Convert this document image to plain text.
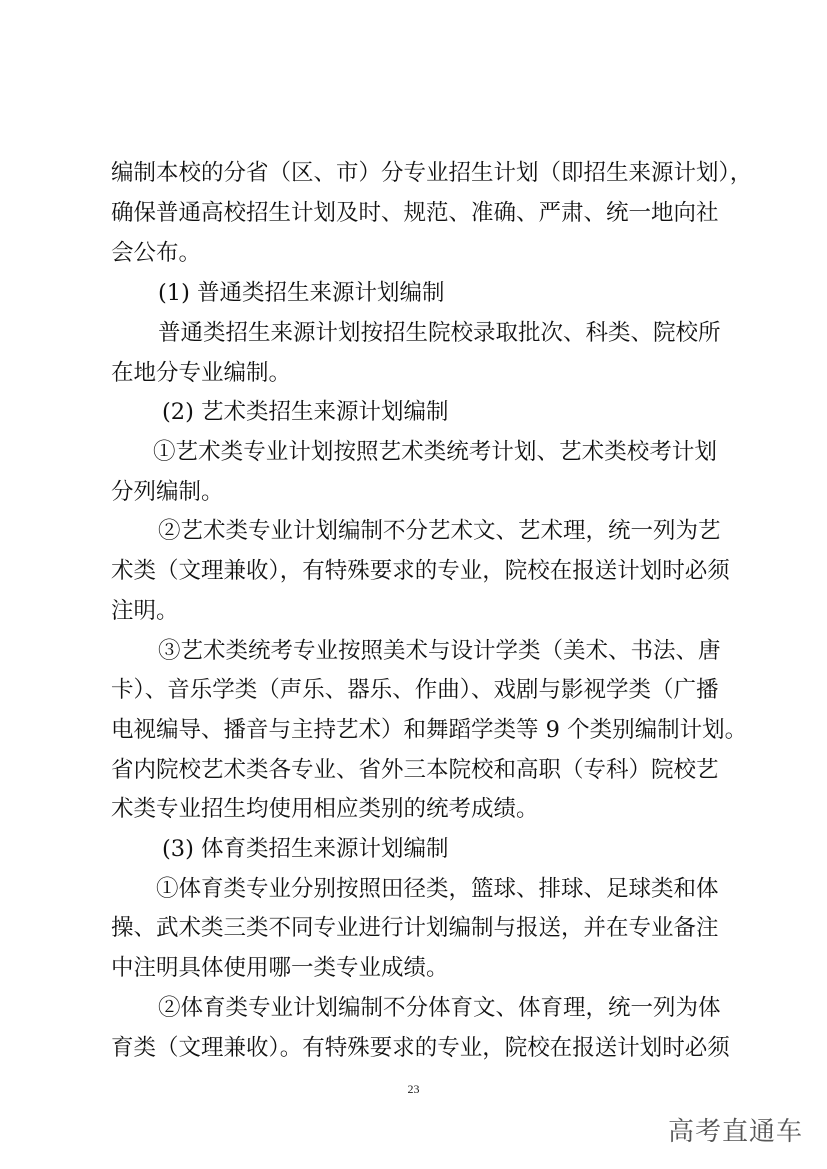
编制本校的分省（区、市）分专业招生计划（即招生来源计划），
确保普通高校招生计划及时、规范、准确、严肃、统一地向社
会公布。
(1) 普通类招生来源计划编制
普通类招生来源计划按招生院校录取批次、科类、院校所
在地分专业编制。
(2) 艺术类招生来源计划编制
①艺术类专业计划按照艺术类统考计划、艺术类校考计划
分列编制。
②艺术类专业计划编制不分艺术文、艺术理，统一列为艺
术类（文理兼收），有特殊要求的专业，院校在报送计划时必须
注明。
③艺术类统考专业按照美术与设计学类（美术、书法、唐
卡）、音乐学类（声乐、器乐、作曲）、戏剧与影视学类（广播
电视编导、播音与主持艺术）和舞蹈学类等 9 个类别编制计划。
省内院校艺术类各专业、省外三本院校和高职（专科）院校艺
术类专业招生均使用相应类别的统考成绩。
(3) 体育类招生来源计划编制
①体育类专业分别按照田径类，篮球、排球、足球类和体
操、武术类三类不同专业进行计划编制与报送，并在专业备注
中注明具体使用哪一类专业成绩。
②体育类专业计划编制不分体育文、体育理，统一列为体
育类（文理兼收）。有特殊要求的专业，院校在报送计划时必须
23
高考直通车
